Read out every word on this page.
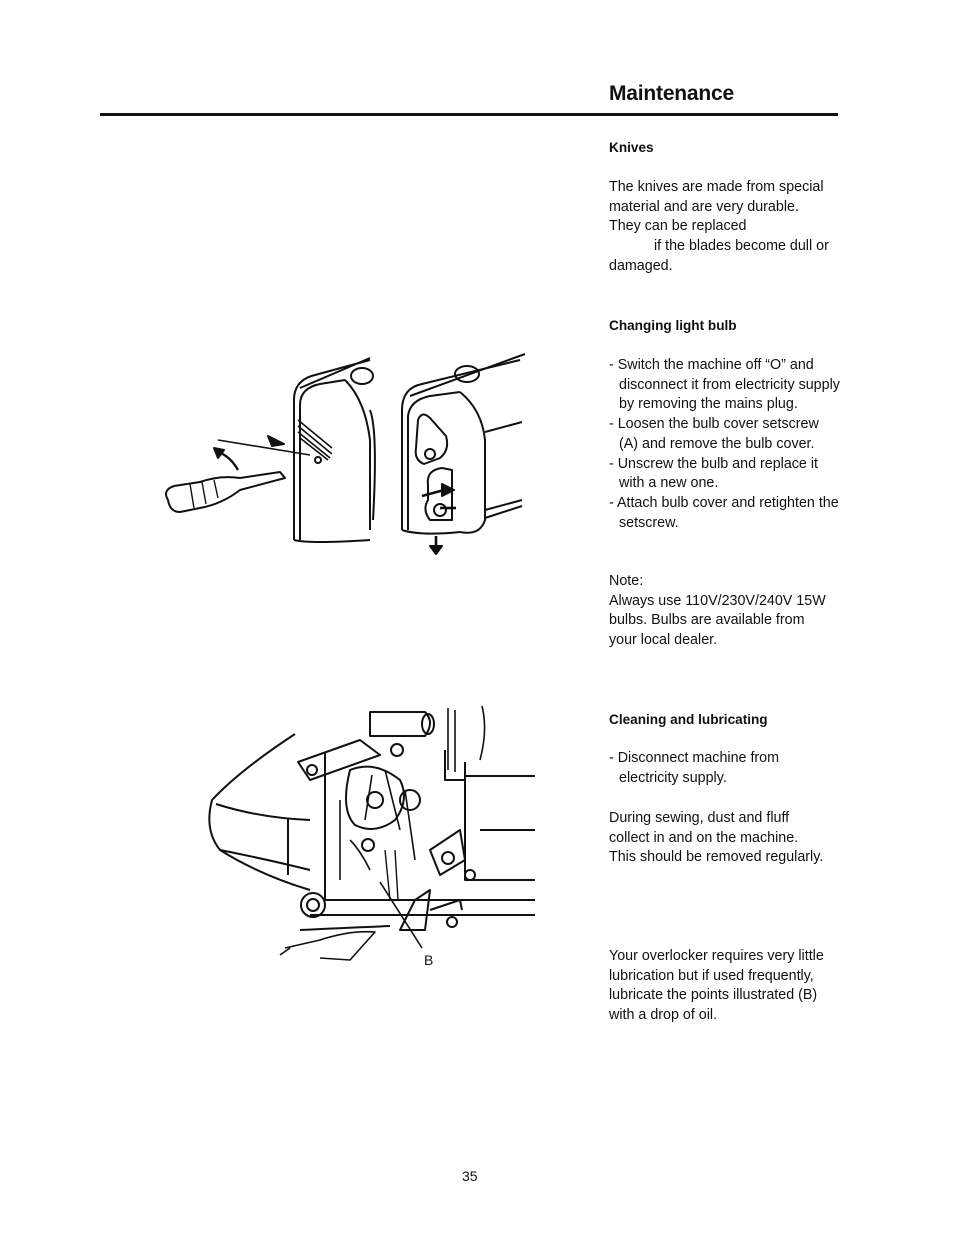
Maintenance
Knives
The knives are made from special
material and are very durable.
They can be replaced
if the blades become dull or
damaged.
Changing light bulb
- Switch the machine off “O” and disconnect it from electricity supply by removing the mains plug.
- Loosen the bulb cover setscrew (A) and remove the bulb cover.
- Unscrew the bulb and replace it with a new one.
- Attach bulb cover and retighten the setscrew.
Note:
Always use 110V/230V/240V 15W
bulbs. Bulbs are available from
your local dealer.
Cleaning and lubricating
- Disconnect machine from electricity supply.
During sewing, dust and fluff
collect in and on the machine.
This should be removed regularly.
Your overlocker requires very little
lubrication but if used frequently,
lubricate the points illustrated (B)
with a drop of oil.
B
35
